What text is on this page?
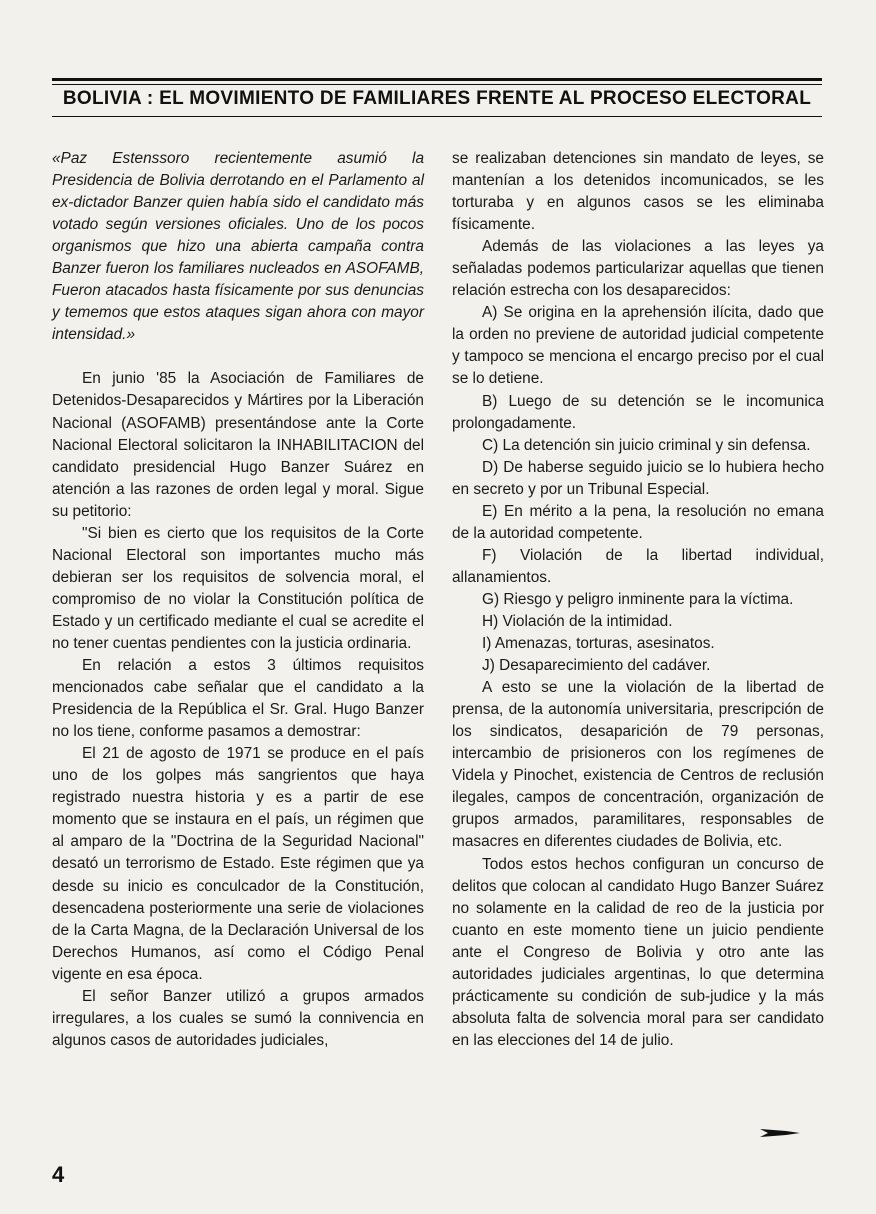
BOLIVIA : EL MOVIMIENTO DE FAMILIARES FRENTE AL PROCESO ELECTORAL

«Paz Estenssoro recientemente asumió la Presidencia de Bolivia derrotando en el Parlamento al ex-dictador Banzer quien había sido el candidato más votado según versiones oficiales. Uno de los pocos organismos que hizo una abierta campaña contra Banzer fueron los familiares nucleados en ASOFAMB, Fueron atacados hasta físicamente por sus denuncias y tememos que estos ataques sigan ahora con mayor intensidad.»

En junio '85 la Asociación de Familiares de Detenidos-Desaparecidos y Mártires por la Liberación Nacional (ASOFAMB) presentándose ante la Corte Nacional Electoral solicitaron la INHABILITACION del candidato presidencial Hugo Banzer Suárez en atención a las razones de orden legal y moral. Sigue su petitorio:

"Si bien es cierto que los requisitos de la Corte Nacional Electoral son importantes mucho más debieran ser los requisitos de solvencia moral, el compromiso de no violar la Constitución política de Estado y un certificado mediante el cual se acredite el no tener cuentas pendientes con la justicia ordinaria.

En relación a estos 3 últimos requisitos mencionados cabe señalar que el candidato a la Presidencia de la República el Sr. Gral. Hugo Banzer no los tiene, conforme pasamos a demostrar:

El 21 de agosto de 1971 se produce en el país uno de los golpes más sangrientos que haya registrado nuestra historia y es a partir de ese momento que se instaura en el país, un régimen que al amparo de la "Doctrina de la Seguridad Nacional" desató un terrorismo de Estado. Este régimen que ya desde su inicio es conculcador de la Constitución, desencadena posteriormente una serie de violaciones de la Carta Magna, de la Declaración Universal de los Derechos Humanos, así como el Código Penal vigente en esa época.

El señor Banzer utilizó a grupos armados irregulares, a los cuales se sumó la connivencia en algunos casos de autoridades judiciales,

se realizaban detenciones sin mandato de leyes, se mantenían a los detenidos incomunicados, se les torturaba y en algunos casos se les eliminaba físicamente.

Además de las violaciones a las leyes ya señaladas podemos particularizar aquellas que tienen relación estrecha con los desaparecidos:

A) Se origina en la aprehensión ilícita, dado que la orden no previene de autoridad judicial competente y tampoco se menciona el encargo preciso por el cual se lo detiene.

B) Luego de su detención se le incomunica prolongadamente.

C) La detención sin juicio criminal y sin defensa.

D) De haberse seguido juicio se lo hubiera hecho en secreto y por un Tribunal Especial.

E) En mérito a la pena, la resolución no emana de la autoridad competente.

F) Violación de la libertad individual, allanamientos.

G) Riesgo y peligro inminente para la víctima.

H) Violación de la intimidad.

I) Amenazas, torturas, asesinatos.

J) Desaparecimiento del cadáver.

A esto se une la violación de la libertad de prensa, de la autonomía universitaria, prescripción de los sindicatos, desaparición de 79 personas, intercambio de prisioneros con los regímenes de Videla y Pinochet, existencia de Centros de reclusión ilegales, campos de concentración, organización de grupos armados, paramilitares, responsables de masacres en diferentes ciudades de Bolivia, etc.

Todos estos hechos configuran un concurso de delitos que colocan al candidato Hugo Banzer Suárez no solamente en la calidad de reo de la justicia por cuanto en este momento tiene un juicio pendiente ante el Congreso de Bolivia y otro ante las autoridades judiciales argentinas, lo que determina prácticamente su condición de sub-judice y la más absoluta falta de solvencia moral para ser candidato en las elecciones del 14 de julio.

4
